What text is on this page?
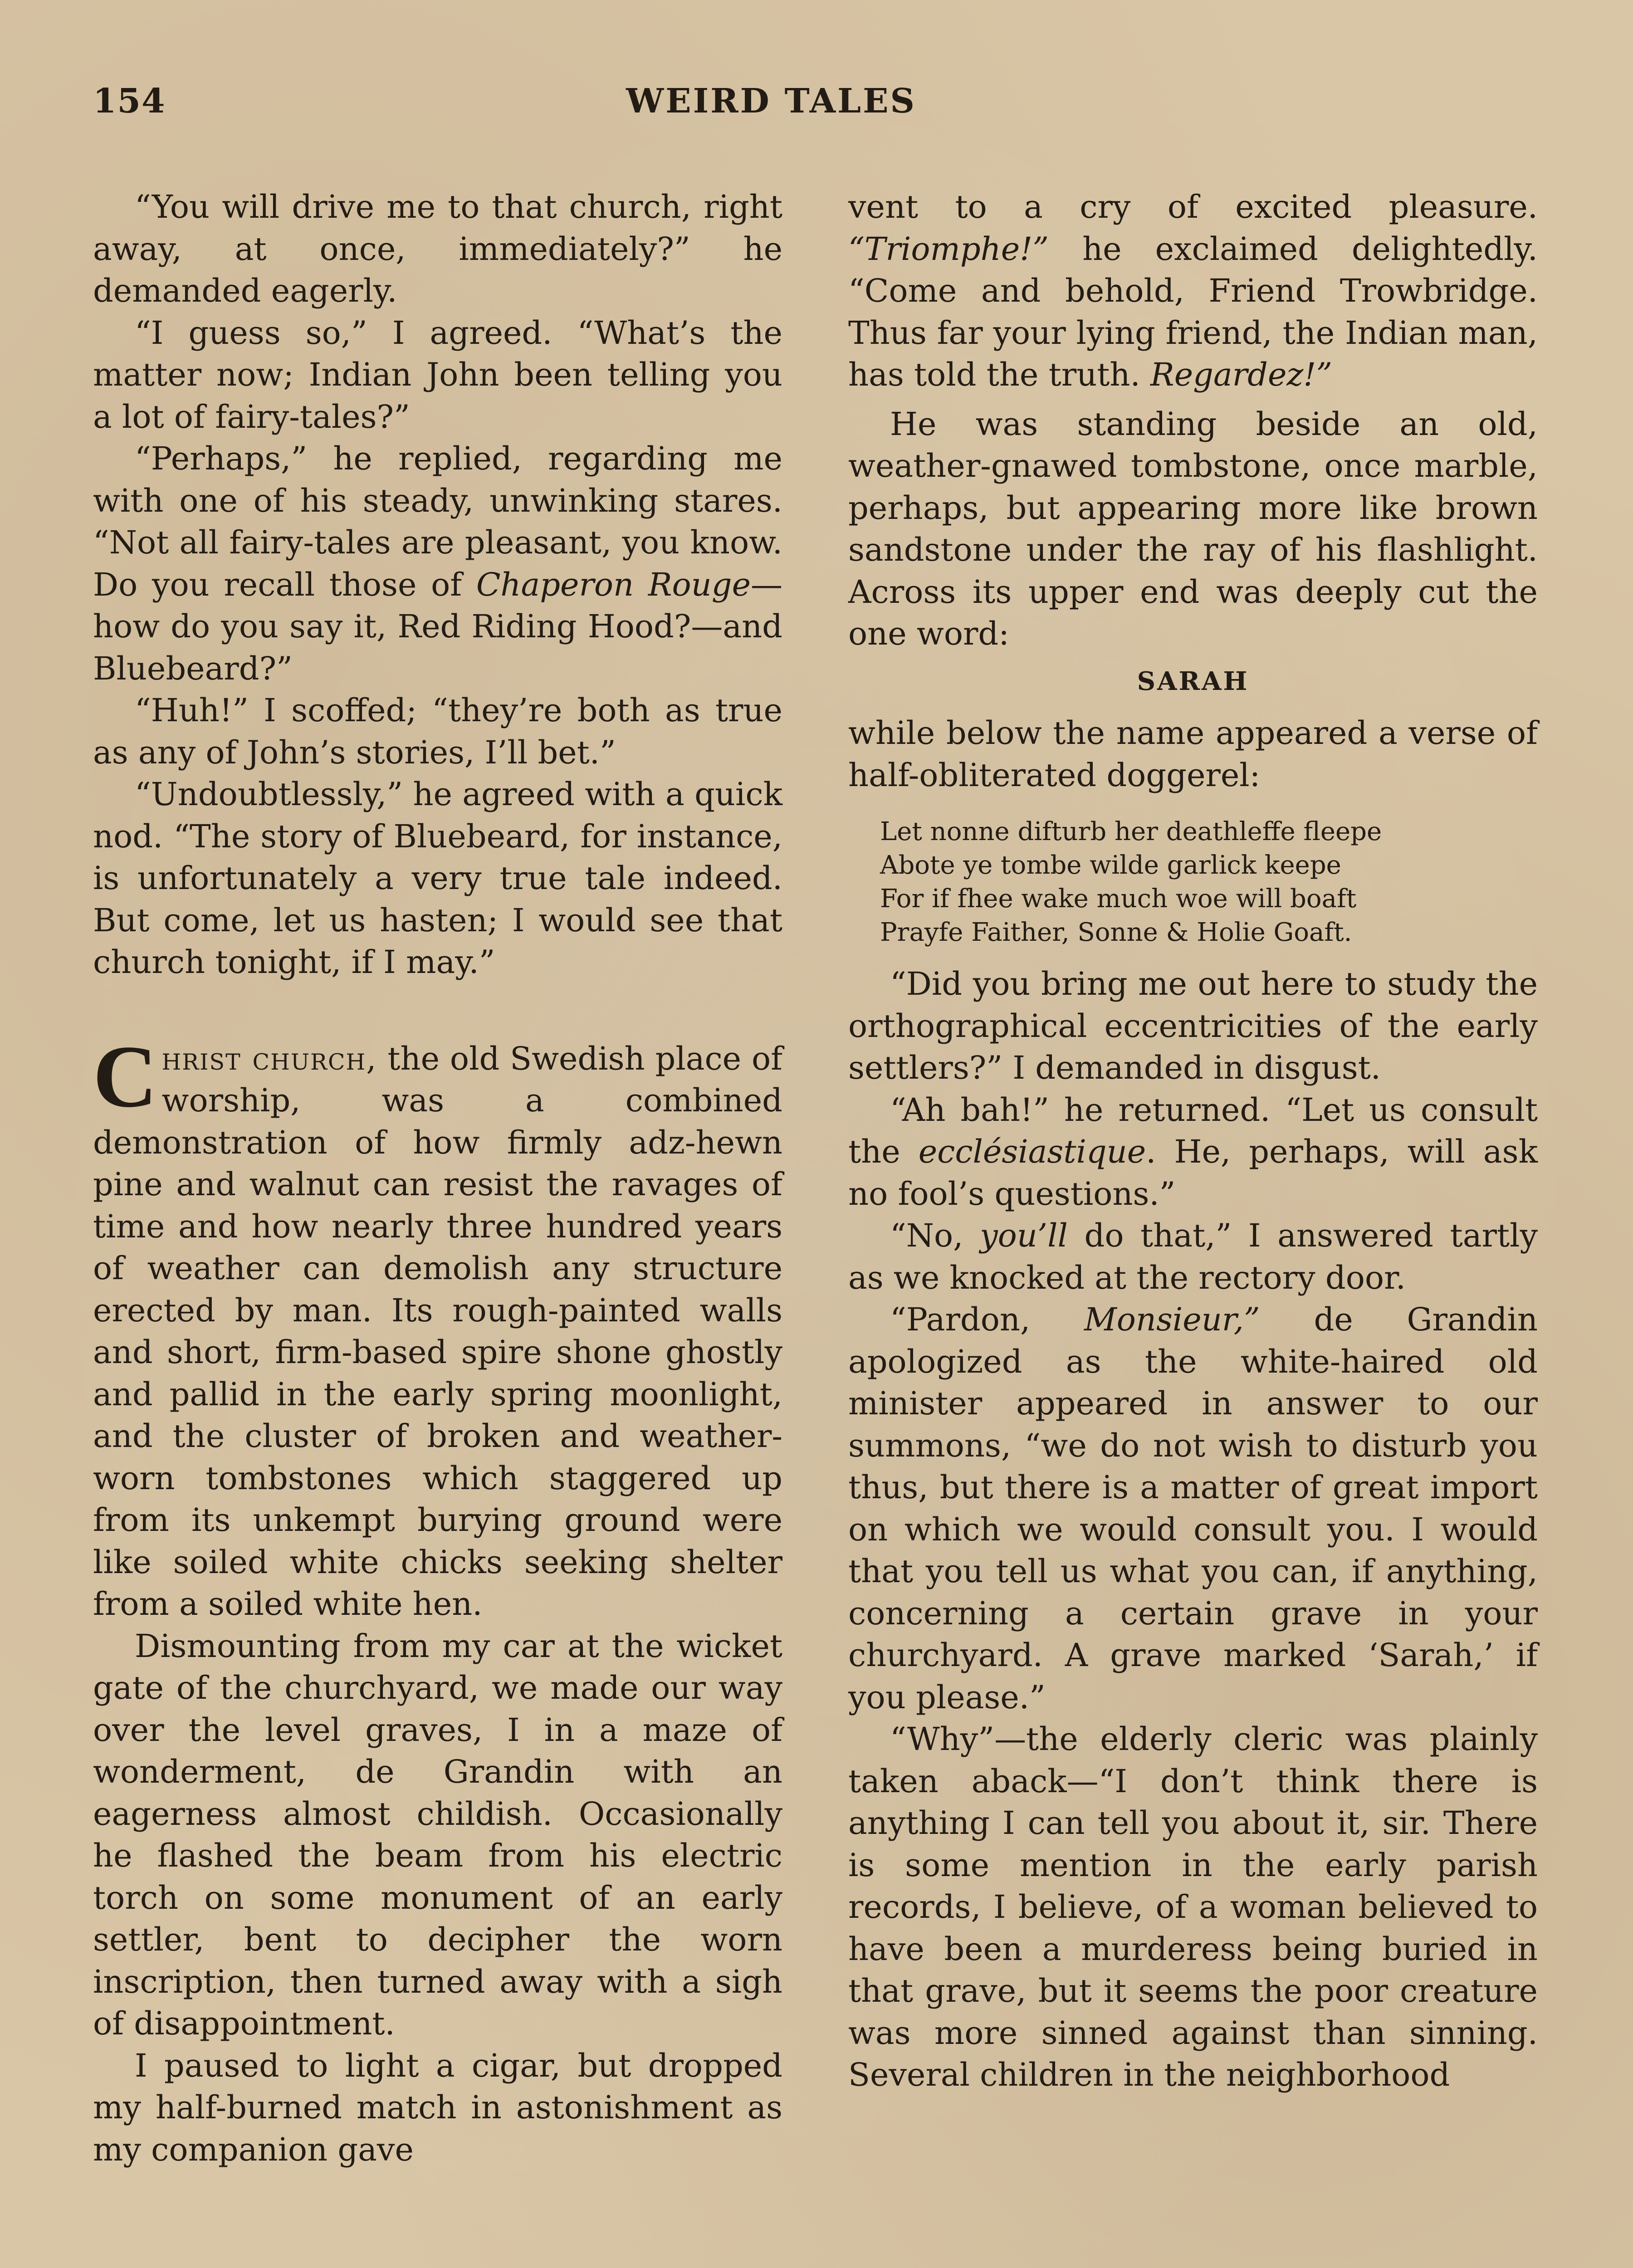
154	WEIRD TALES

“You will drive me to that church, right away, at once, immediately?” he demanded eagerly.

“I guess so,” I agreed. “What’s the matter now; Indian John been telling you a lot of fairy-tales?”

“Perhaps,” he replied, regarding me with one of his steady, unwinking stares. “Not all fairy-tales are pleasant, you know. Do you recall those of Chaperon Rouge—how do you say it, Red Riding Hood?—and Bluebeard?”

“Huh!” I scoffed; “they’re both as true as any of John’s stories, I’ll bet.”

“Undoubtlessly,” he agreed with a quick nod. “The story of Bluebeard, for instance, is unfortunately a very true tale indeed. But come, let us hasten; I would see that church tonight, if I may.”

Christ church, the old Swedish place of worship, was a combined demonstration of how firmly adz-hewn pine and walnut can resist the ravages of time and how nearly three hundred years of weather can demolish any structure erected by man. Its rough-painted walls and short, firm-based spire shone ghostly and pallid in the early spring moonlight, and the cluster of broken and weather-worn tombstones which staggered up from its unkempt burying ground were like soiled white chicks seeking shelter from a soiled white hen.

Dismounting from my car at the wicket gate of the churchyard, we made our way over the level graves, I in a maze of wonderment, de Grandin with an eagerness almost childish. Occasionally he flashed the beam from his electric torch on some monument of an early settler, bent to decipher the worn inscription, then turned away with a sigh of disappointment.

I paused to light a cigar, but dropped my half-burned match in astonishment as my companion gave

vent to a cry of excited pleasure. “Triomphe!” he exclaimed delightedly. “Come and behold, Friend Trowbridge. Thus far your lying friend, the Indian man, has told the truth. Regardez!”

He was standing beside an old, weather-gnawed tombstone, once marble, perhaps, but appearing more like brown sandstone under the ray of his flashlight. Across its upper end was deeply cut the one word:

SARAH

while below the name appeared a verse of half-obliterated doggerel:

Let nonne difturb her deathleffe fleepe
Abote ye tombe wilde garlick keepe
For if fhee wake much woe will boaft
Prayfe Faither, Sonne & Holie Goaft.

“Did you bring me out here to study the orthographical eccentricities of the early settlers?” I demanded in disgust.

“Ah bah!” he returned. “Let us consult the ecclésiastique. He, perhaps, will ask no fool’s questions.”

“No, you’ll do that,” I answered tartly as we knocked at the rectory door.

“Pardon, Monsieur,” de Grandin apologized as the white-haired old minister appeared in answer to our summons, “we do not wish to disturb you thus, but there is a matter of great import on which we would consult you. I would that you tell us what you can, if anything, concerning a certain grave in your churchyard. A grave marked ‘Sarah,’ if you please.”

“Why”—the elderly cleric was plainly taken aback—“I don’t think there is anything I can tell you about it, sir. There is some mention in the early parish records, I believe, of a woman believed to have been a murderess being buried in that grave, but it seems the poor creature was more sinned against than sinning. Several children in the neighborhood
